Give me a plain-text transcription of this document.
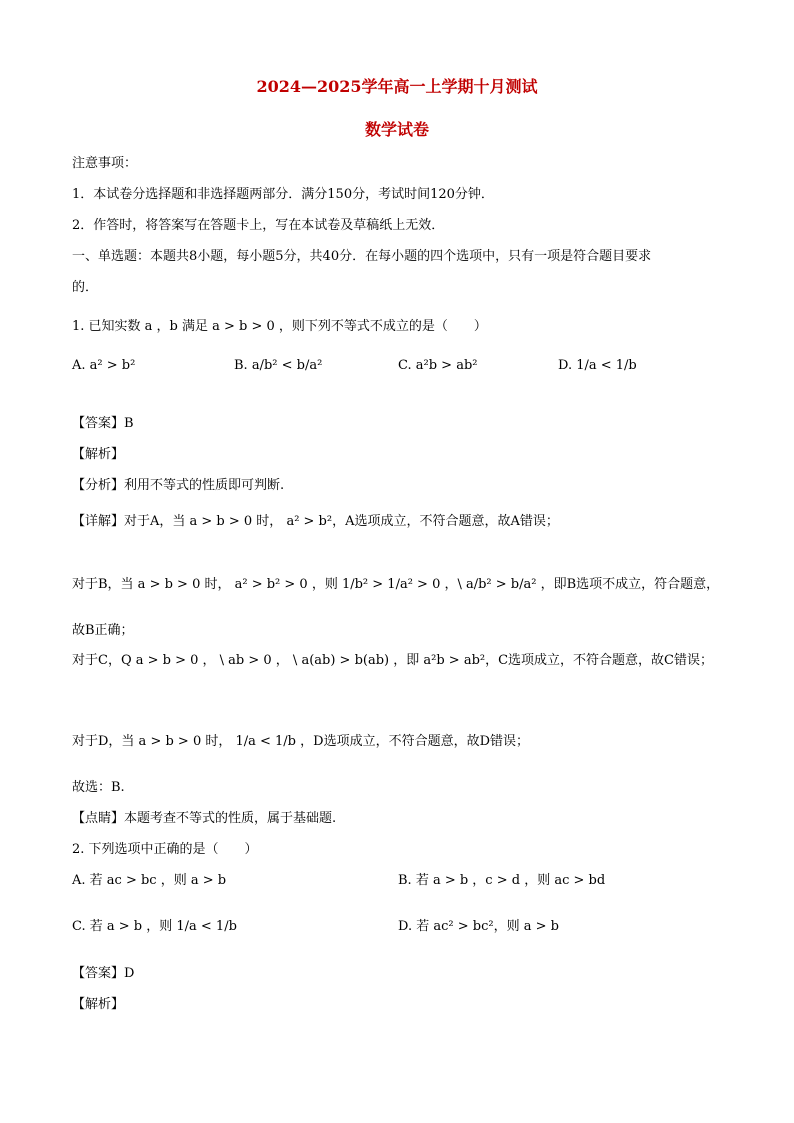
2024—2025学年高一上学期十月测试
数学试卷
注意事项：
1．本试卷分选择题和非选择题两部分．满分150分，考试时间120分钟．
2．作答时，将答案写在答题卡上，写在本试卷及草稿纸上无效．
一、单选题：本题共8小题，每小题5分，共40分．在每小题的四个选项中，只有一项是符合题目要求
的．
1. 已知实数 a ，b 满足 a > b > 0 ，则下列不等式不成立的是（　　）
A. a² > b²	B. a/b² < b/a²	C. a²b > ab²	D. 1/a < 1/b
【答案】B
【解析】
【分析】利用不等式的性质即可判断.
【详解】对于A，当 a > b > 0 时， a² > b²，A选项成立，不符合题意，故A错误；
对于B，当 a > b > 0 时， a² > b² > 0 ，则 1/b² > 1/a² > 0 ，\ a/b² > b/a² ，即B选项不成立，符合题意，故B正确；
对于C，Q a > b > 0 ， \ ab > 0 ， \ a(ab) > b(ab) ，即 a²b > ab²，C选项成立，不符合题意，故C错误；
对于D，当 a > b > 0 时， 1/a < 1/b ，D选项成立，不符合题意，故D错误；
故选：B.
【点睛】本题考查不等式的性质，属于基础题.
2. 下列选项中正确的是（　　）
A. 若 ac > bc ，则 a > b	B. 若 a > b ，c > d ，则 ac > bd
C. 若 a > b ，则 1/a < 1/b	D. 若 ac² > bc²，则 a > b
【答案】D
【解析】
